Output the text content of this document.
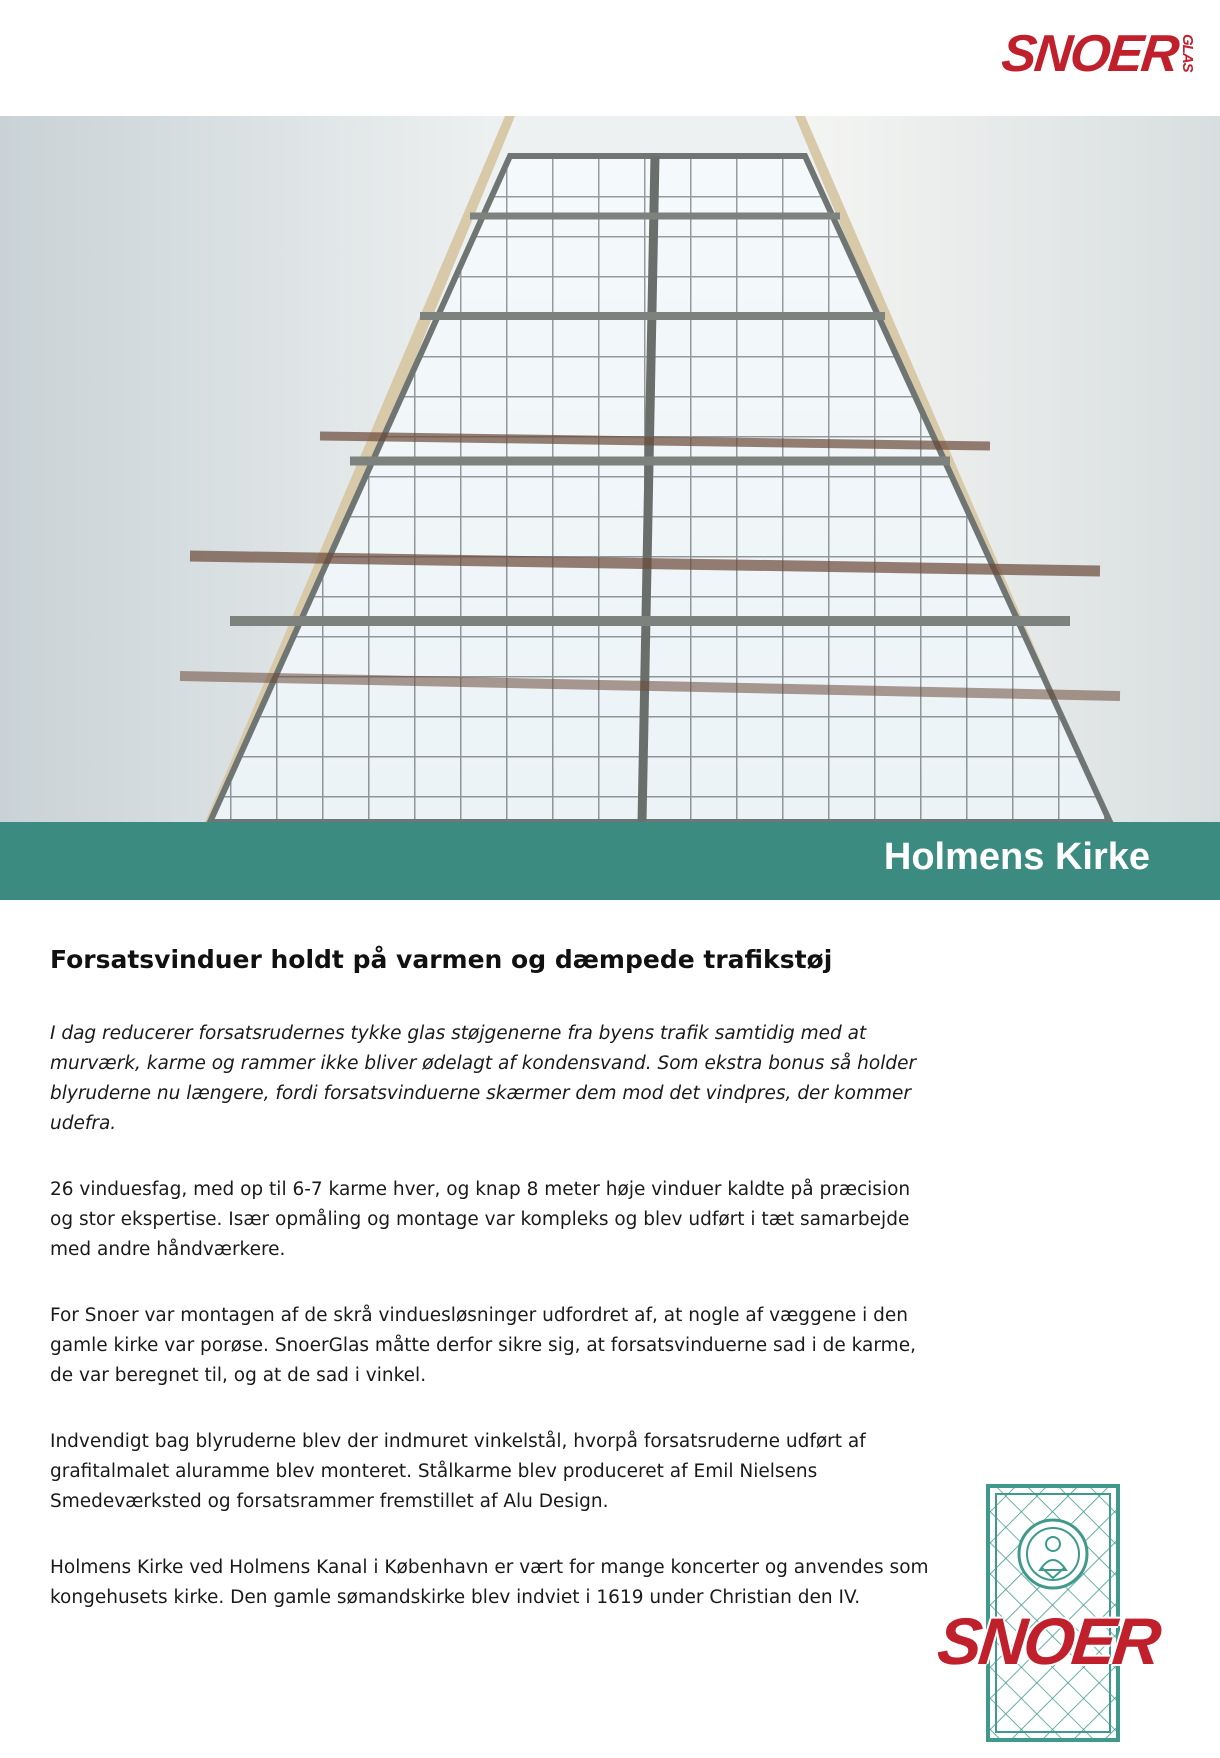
SNOER
GLAS
Holmens Kirke
Forsatsvinduer holdt på varmen og dæmpede trafikstøj

I dag reducerer forsatsrudernes tykke glas støjgenerne fra byens trafik samtidig med at murværk, karme og rammer ikke bliver ødelagt af kondensvand. Som ekstra bonus så holder blyruderne nu længere, fordi forsatsvinduerne skærmer dem mod det vindpres, der kommer udefra.

26 vinduesfag, med op til 6-7 karme hver, og knap 8 meter høje vinduer kaldte på præcision og stor ekspertise. Især opmåling og montage var kompleks og blev udført i tæt samarbejde med andre håndværkere.

For Snoer var montagen af de skrå vinduesløsninger udfordret af, at nogle af væggene i den gamle kirke var porøse. SnoerGlas måtte derfor sikre sig, at forsatsvinduerne sad i de karme, de var beregnet til, og at de sad i vinkel.

Indvendigt bag blyruderne blev der indmuret vinkelstål, hvorpå forsatsruderne udført af grafitalmalet aluramme blev monteret. Stålkarme blev produceret af Emil Nielsens Smedeværksted og forsatsrammer fremstillet af Alu Design.

Holmens Kirke ved Holmens Kanal i København er vært for mange koncerter og anvendes som kongehusets kirke. Den gamle sømandskirke blev indviet i 1619 under Christian den IV.

SNOER
